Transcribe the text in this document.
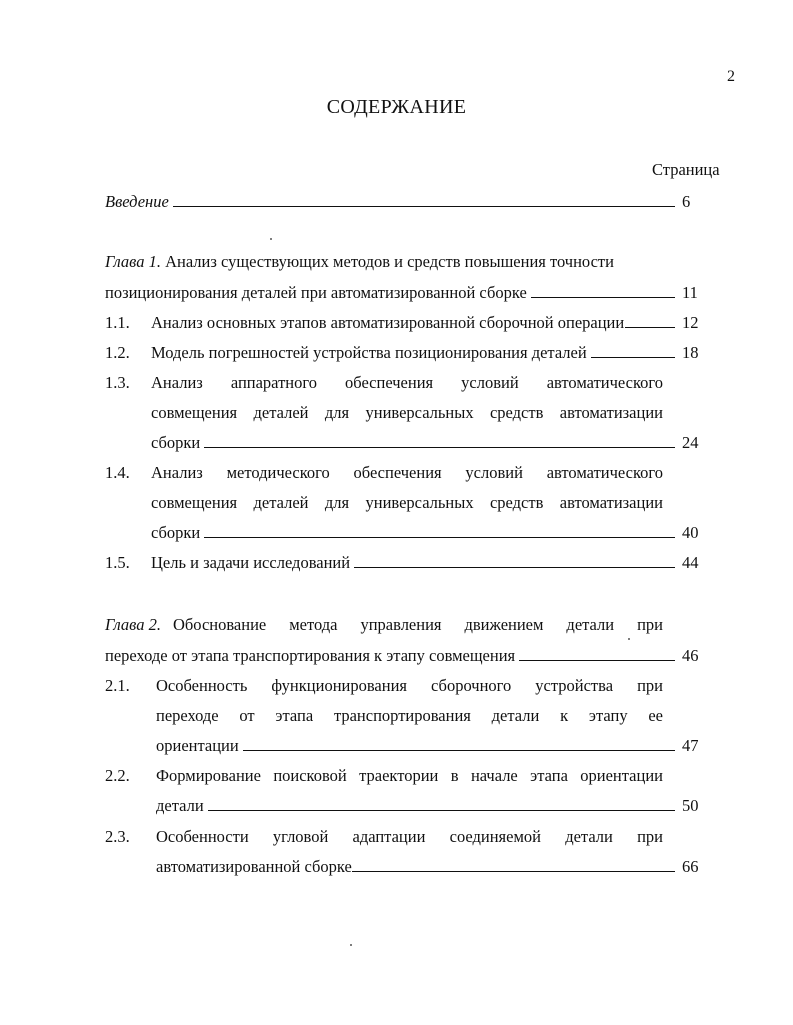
2
СОДЕРЖАНИЕ
Страница
Введение	6
Глава 1. Анализ существующих методов и средств повышения точности
позиционирования деталей при автоматизированной сборке	11
1.1. Анализ основных этапов автоматизированной сборочной операции	12
1.2. Модель погрешностей устройства позиционирования деталей	18
1.3. Анализ аппаратного обеспечения условий автоматического
совмещения деталей для универсальных средств автоматизации
сборки	24
1.4. Анализ методического обеспечения условий автоматического
совмещения деталей для универсальных средств автоматизации
сборки	40
1.5. Цель и задачи исследований	44
Глава 2. Обоснование метода управления движением детали при
переходе от этапа транспортирования к этапу совмещения	46
2.1. Особенность функционирования сборочного устройства при
переходе от этапа транспортирования детали к этапу ее
ориентации	47
2.2. Формирование поисковой траектории в начале этапа ориентации
детали	50
2.3. Особенности угловой адаптации соединяемой детали при
автоматизированной сборке	66
